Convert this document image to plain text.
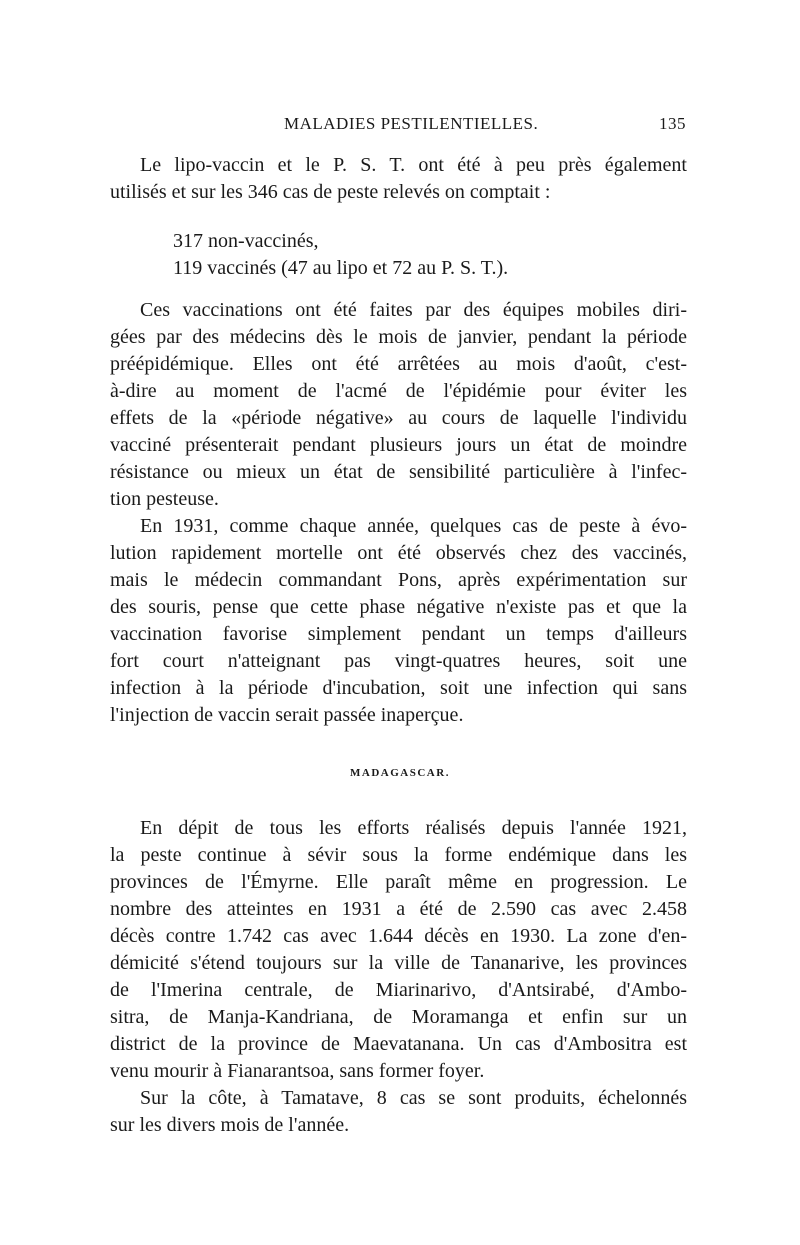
MALADIES PESTILENTIELLES.	135
Le lipo-vaccin et le P. S. T. ont été à peu près également
utilisés et sur les 346 cas de peste relevés on comptait :
317 non-vaccinés,
119 vaccinés (47 au lipo et 72 au P. S. T.).
Ces vaccinations ont été faites par des équipes mobiles diri-
gées par des médecins dès le mois de janvier, pendant la période
préépidémique. Elles ont été arrêtées au mois d'août, c'est-
à-dire au moment de l'acmé de l'épidémie pour éviter les
effets de la «période négative» au cours de laquelle l'individu
vacciné présenterait pendant plusieurs jours un état de moindre
résistance ou mieux un état de sensibilité particulière à l'infec-
tion pesteuse.
En 1931, comme chaque année, quelques cas de peste à évo-
lution rapidement mortelle ont été observés chez des vaccinés,
mais le médecin commandant Pons, après expérimentation sur
des souris, pense que cette phase négative n'existe pas et que la
vaccination favorise simplement pendant un temps d'ailleurs
fort court n'atteignant pas vingt-quatres heures, soit une
infection à la période d'incubation, soit une infection qui sans
l'injection de vaccin serait passée inaperçue.
MADAGASCAR.
En dépit de tous les efforts réalisés depuis l'année 1921,
la peste continue à sévir sous la forme endémique dans les
provinces de l'Émyrne. Elle paraît même en progression. Le
nombre des atteintes en 1931 a été de 2.590 cas avec 2.458
décès contre 1.742 cas avec 1.644 décès en 1930. La zone d'en-
démicité s'étend toujours sur la ville de Tananarive, les provinces
de l'Imerina centrale, de Miarinarivo, d'Antsirabé, d'Ambo-
sitra, de Manja-Kandriana, de Moramanga et enfin sur un
district de la province de Maevatanana. Un cas d'Ambositra est
venu mourir à Fianarantsoa, sans former foyer.
Sur la côte, à Tamatave, 8 cas se sont produits, échelonnés
sur les divers mois de l'année.
